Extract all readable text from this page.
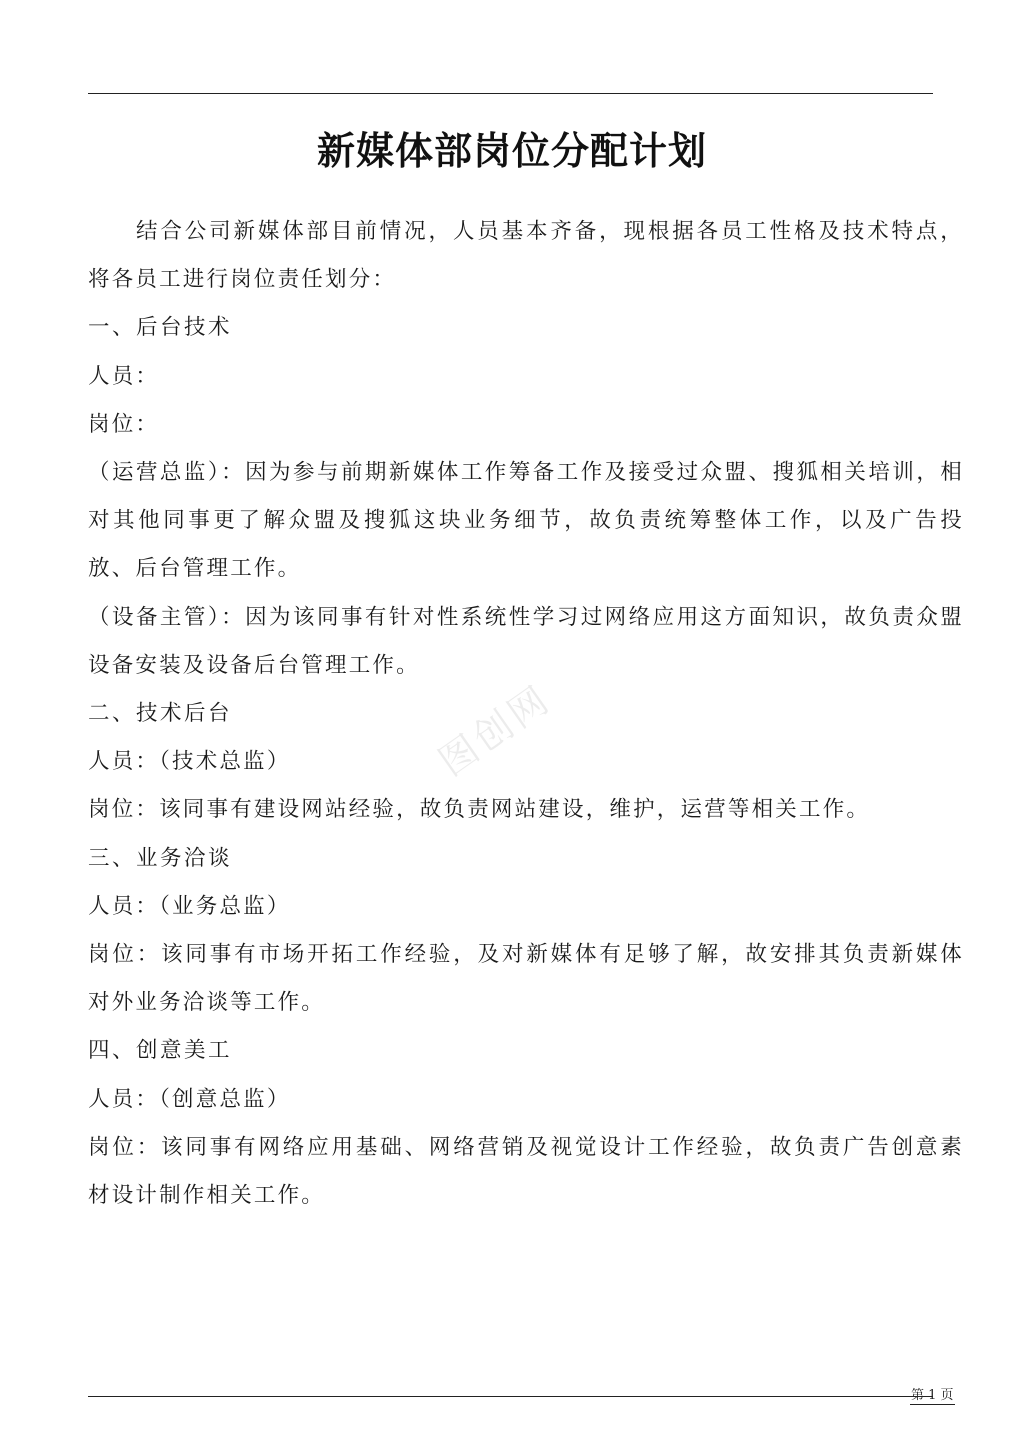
新媒体部岗位分配计划

结合公司新媒体部目前情况，人员基本齐备，现根据各员工性格及技术特点，将各员工进行岗位责任划分：

一、后台技术

人员：

岗位：

（运营总监）：因为参与前期新媒体工作筹备工作及接受过众盟、搜狐相关培训，相对其他同事更了解众盟及搜狐这块业务细节，故负责统筹整体工作，以及广告投放、后台管理工作。

（设备主管）：因为该同事有针对性系统性学习过网络应用这方面知识，故负责众盟设备安装及设备后台管理工作。

二、技术后台

人员：（技术总监）

岗位：该同事有建设网站经验，故负责网站建设，维护，运营等相关工作。

三、业务洽谈

人员：（业务总监）

岗位：该同事有市场开拓工作经验，及对新媒体有足够了解，故安排其负责新媒体对外业务洽谈等工作。

四、创意美工

人员：（创意总监）

岗位：该同事有网络应用基础、网络营销及视觉设计工作经验，故负责广告创意素材设计制作相关工作。

图创网
第 1 页
